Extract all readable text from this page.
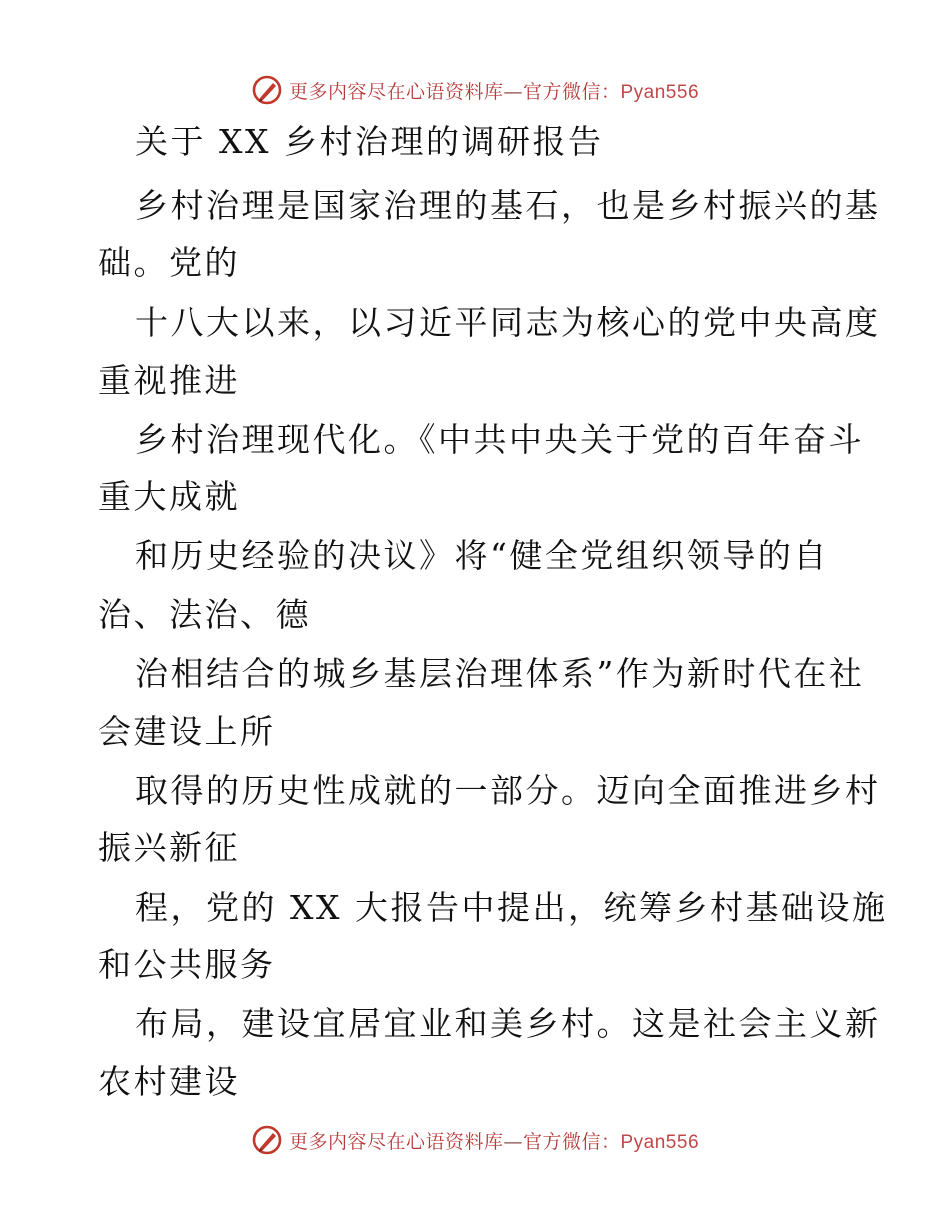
更多内容尽在心语资料库—官方微信：Pyan556
关于 XX 乡村治理的调研报告
乡村治理是国家治理的基石，也是乡村振兴的基
础。党的
十八大以来，以习近平同志为核心的党中央高度
重视推进
乡村治理现代化。《中共中央关于党的百年奋斗
重大成就
和历史经验的决议》将“健全党组织领导的自
治、法治、德
治相结合的城乡基层治理体系”作为新时代在社
会建设上所
取得的历史性成就的一部分。迈向全面推进乡村
振兴新征
程，党的 XX 大报告中提出，统筹乡村基础设施
和公共服务
布局，建设宜居宜业和美乡村。这是社会主义新
农村建设
更多内容尽在心语资料库—官方微信：Pyan556
